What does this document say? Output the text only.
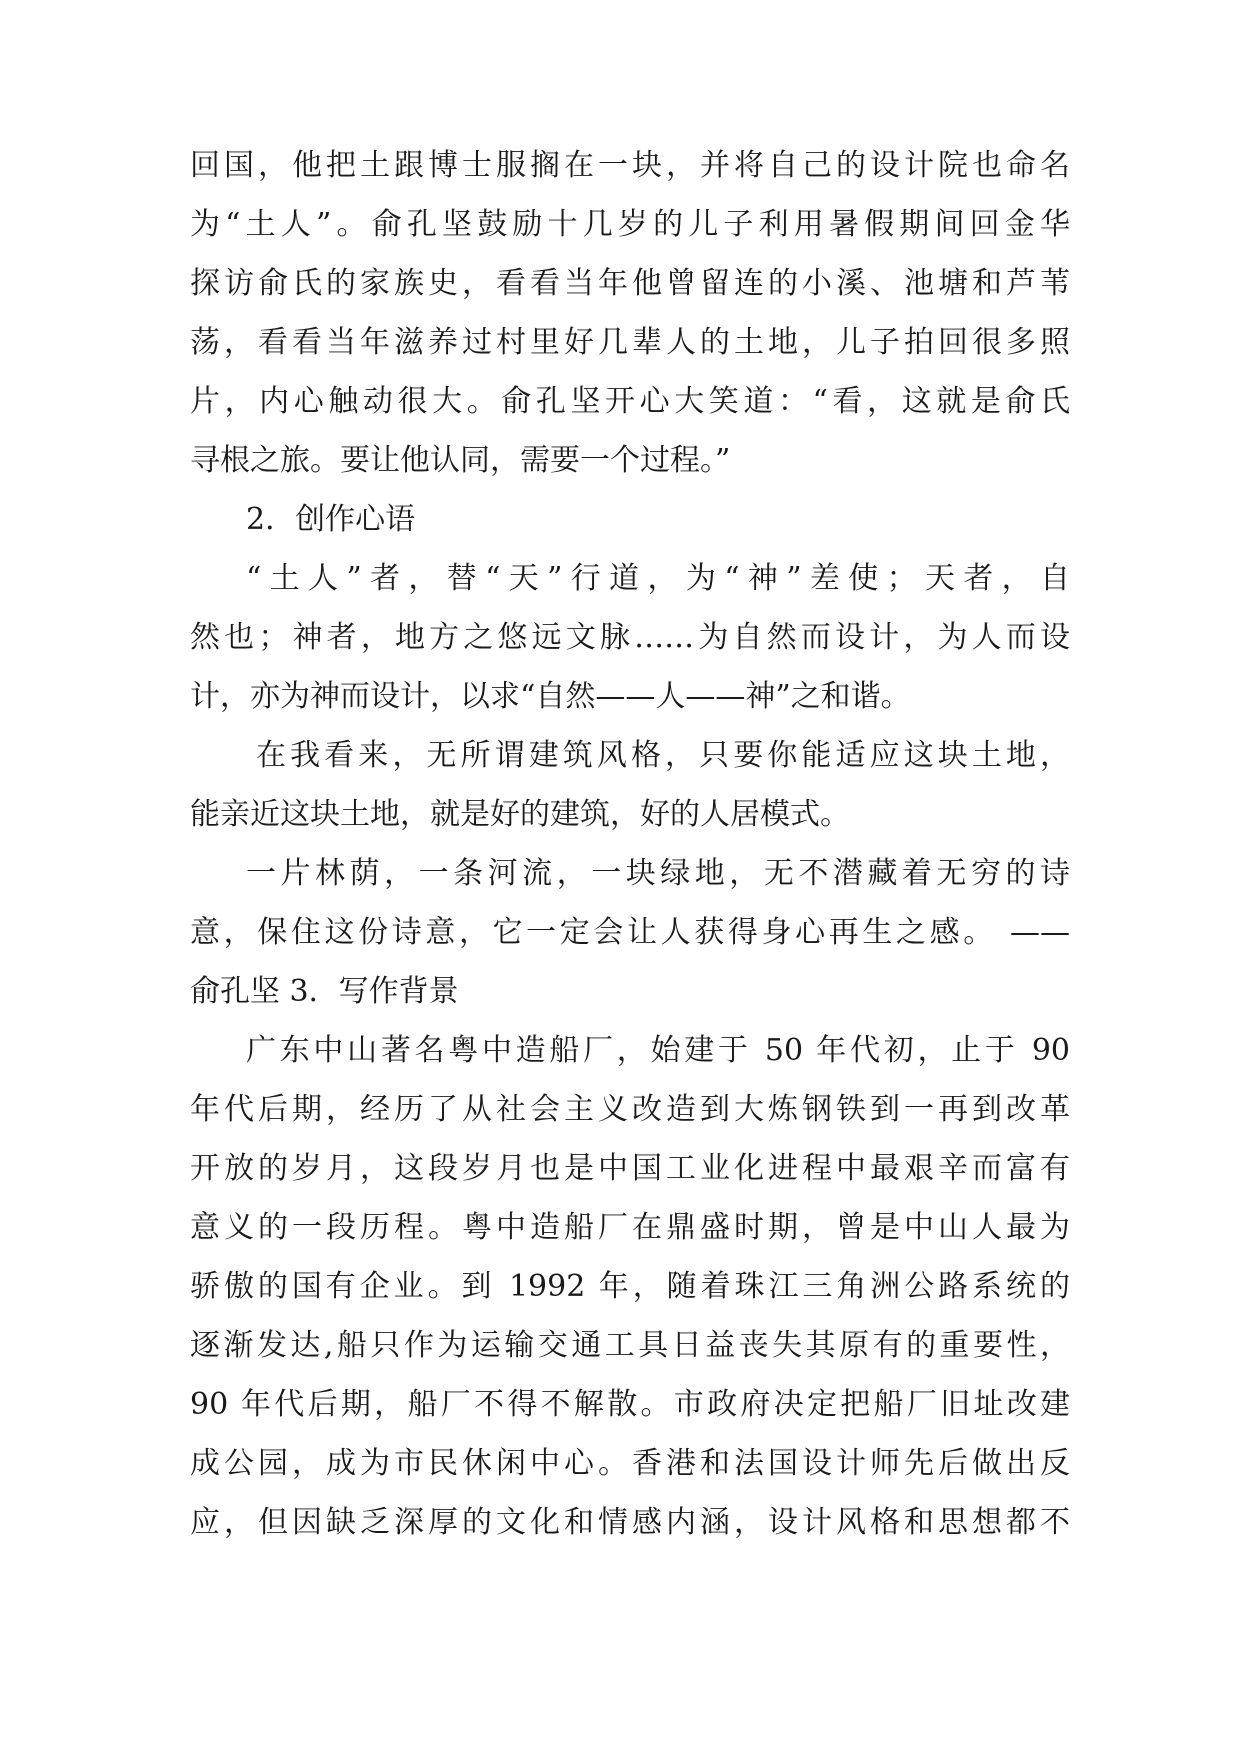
回国，他把土跟博士服搁在一块，并将自己的设计院也命名
为“土人”。俞孔坚鼓励十几岁的儿子利用暑假期间回金华
探访俞氏的家族史，看看当年他曾留连的小溪、池塘和芦苇
荡，看看当年滋养过村里好几辈人的土地，儿子拍回很多照
片，内心触动很大。俞孔坚开心大笑道：“看，这就是俞氏
寻根之旅。要让他认同，需要一个过程。”
2．创作心语
“土人”者，替“天”行道，为“神”差使；天者，自
然也；神者，地方之悠远文脉……为自然而设计，为人而设
计，亦为神而设计，以求“自然——人——神”之和谐。
在我看来，无所谓建筑风格，只要你能适应这块土地，
能亲近这块土地，就是好的建筑，好的人居模式。
一片林荫，一条河流，一块绿地，无不潜藏着无穷的诗
意，保住这份诗意，它一定会让人获得身心再生之感。 ——
俞孔坚 3．写作背景
广东中山著名粤中造船厂，始建于 50 年代初，止于 90
年代后期，经历了从社会主义改造到大炼钢铁到一再到改革
开放的岁月，这段岁月也是中国工业化进程中最艰辛而富有
意义的一段历程。粤中造船厂在鼎盛时期，曾是中山人最为
骄傲的国有企业。到 1992 年，随着珠江三角洲公路系统的
逐渐发达,船只作为运输交通工具日益丧失其原有的重要性，
90 年代后期，船厂不得不解散。市政府决定把船厂旧址改建
成公园，成为市民休闲中心。香港和法国设计师先后做出反
应，但因缺乏深厚的文化和情感内涵，设计风格和思想都不
